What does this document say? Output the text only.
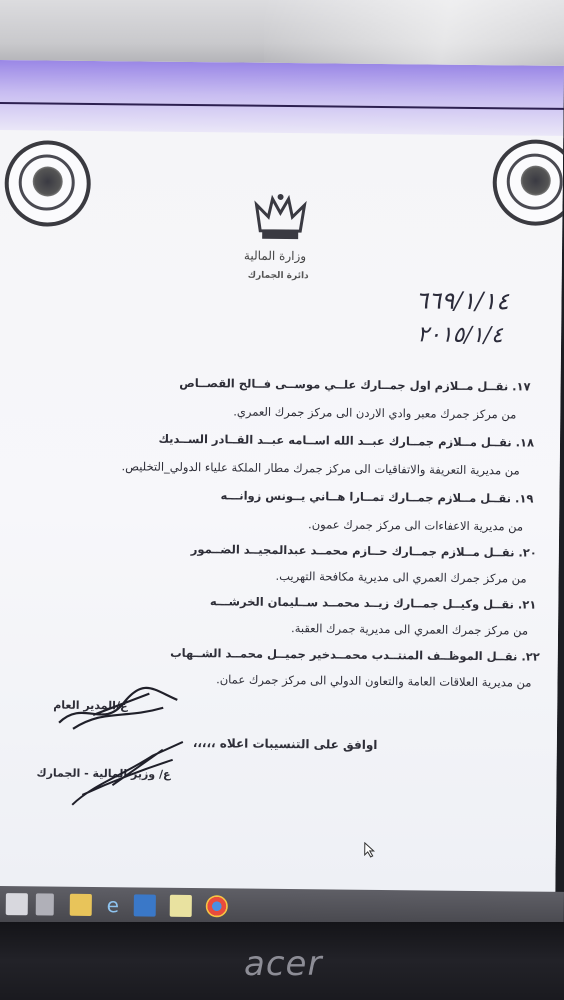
وزارة المالية
دائرة الجمارك
٦٦٩/١/١٤
٢٠١٥/١/٤
١٧. نقــل مــلازم اول جمــارك علــي موســى فــالح القصــاص
من مركز جمرك معبر وادي الاردن الى مركز جمرك العمري.
١٨. نقــل مــلازم جمــارك عبــد الله اســامه عبــد القــادر الســديك
من مديرية التعريفة والاتفاقيات الى مركز جمرك مطار الملكة علياء الدولي_التخليص.
١٩. نقــل مــلازم جمــارك تمــارا هــاني يــونس زوانـــه
من مديرية الاعفاءات الى مركز جمرك عمون.
٢٠. نقــل مــلازم جمــارك حــازم محمــد عبدالمجيــد الضــمور
من مركز جمرك العمري الى مديرية مكافحة التهريب.
٢١. نقــل وكيــل جمــارك زيــد محمــد ســليمان الخرشـــه
من مركز جمرك العمري الى مديرية جمرك العقبة.
٢٢. نقــل الموظــف المنتــدب محمــدخير جميــل محمــد الشــهاب
من مديرية العلاقات العامة والتعاون الدولي الى مركز جمرك عمان.
ع/المدير العام
اوافق على التنسيبات اعلاه ،،،،،
ع/ وزير المالية - الجمارك
e
acer
